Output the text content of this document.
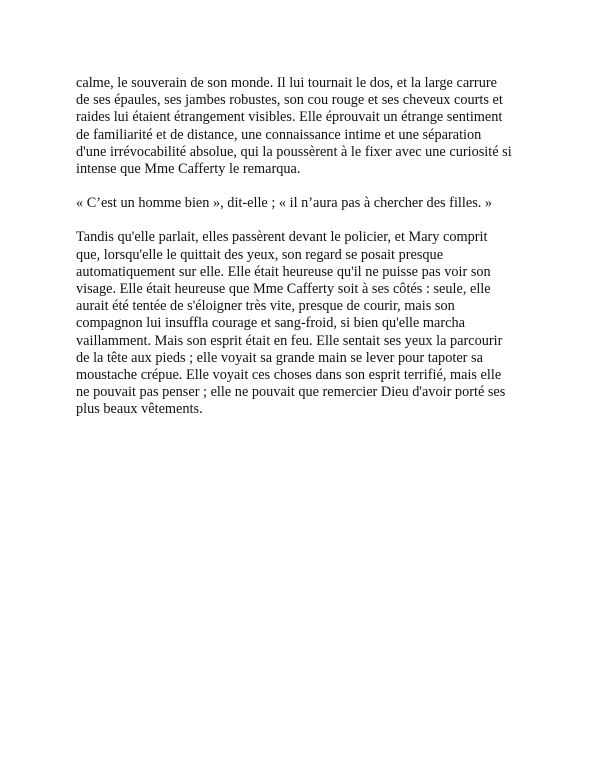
calme, le souverain de son monde. Il lui tournait le dos, et la large carrure
de ses épaules, ses jambes robustes, son cou rouge et ses cheveux courts et
raides lui étaient étrangement visibles. Elle éprouvait un étrange sentiment
de familiarité et de distance, une connaissance intime et une séparation
d'une irrévocabilité absolue, qui la poussèrent à le fixer avec une curiosité si
intense que Mme Cafferty le remarqua.

« C’est un homme bien », dit-elle ; « il n’aura pas à chercher des filles. »

Tandis qu'elle parlait, elles passèrent devant le policier, et Mary comprit
que, lorsqu'elle le quittait des yeux, son regard se posait presque
automatiquement sur elle. Elle était heureuse qu'il ne puisse pas voir son
visage. Elle était heureuse que Mme Cafferty soit à ses côtés : seule, elle
aurait été tentée de s'éloigner très vite, presque de courir, mais son
compagnon lui insuffla courage et sang-froid, si bien qu'elle marcha
vaillamment. Mais son esprit était en feu. Elle sentait ses yeux la parcourir
de la tête aux pieds ; elle voyait sa grande main se lever pour tapoter sa
moustache crépue. Elle voyait ces choses dans son esprit terrifié, mais elle
ne pouvait pas penser ; elle ne pouvait que remercier Dieu d'avoir porté ses
plus beaux vêtements.
